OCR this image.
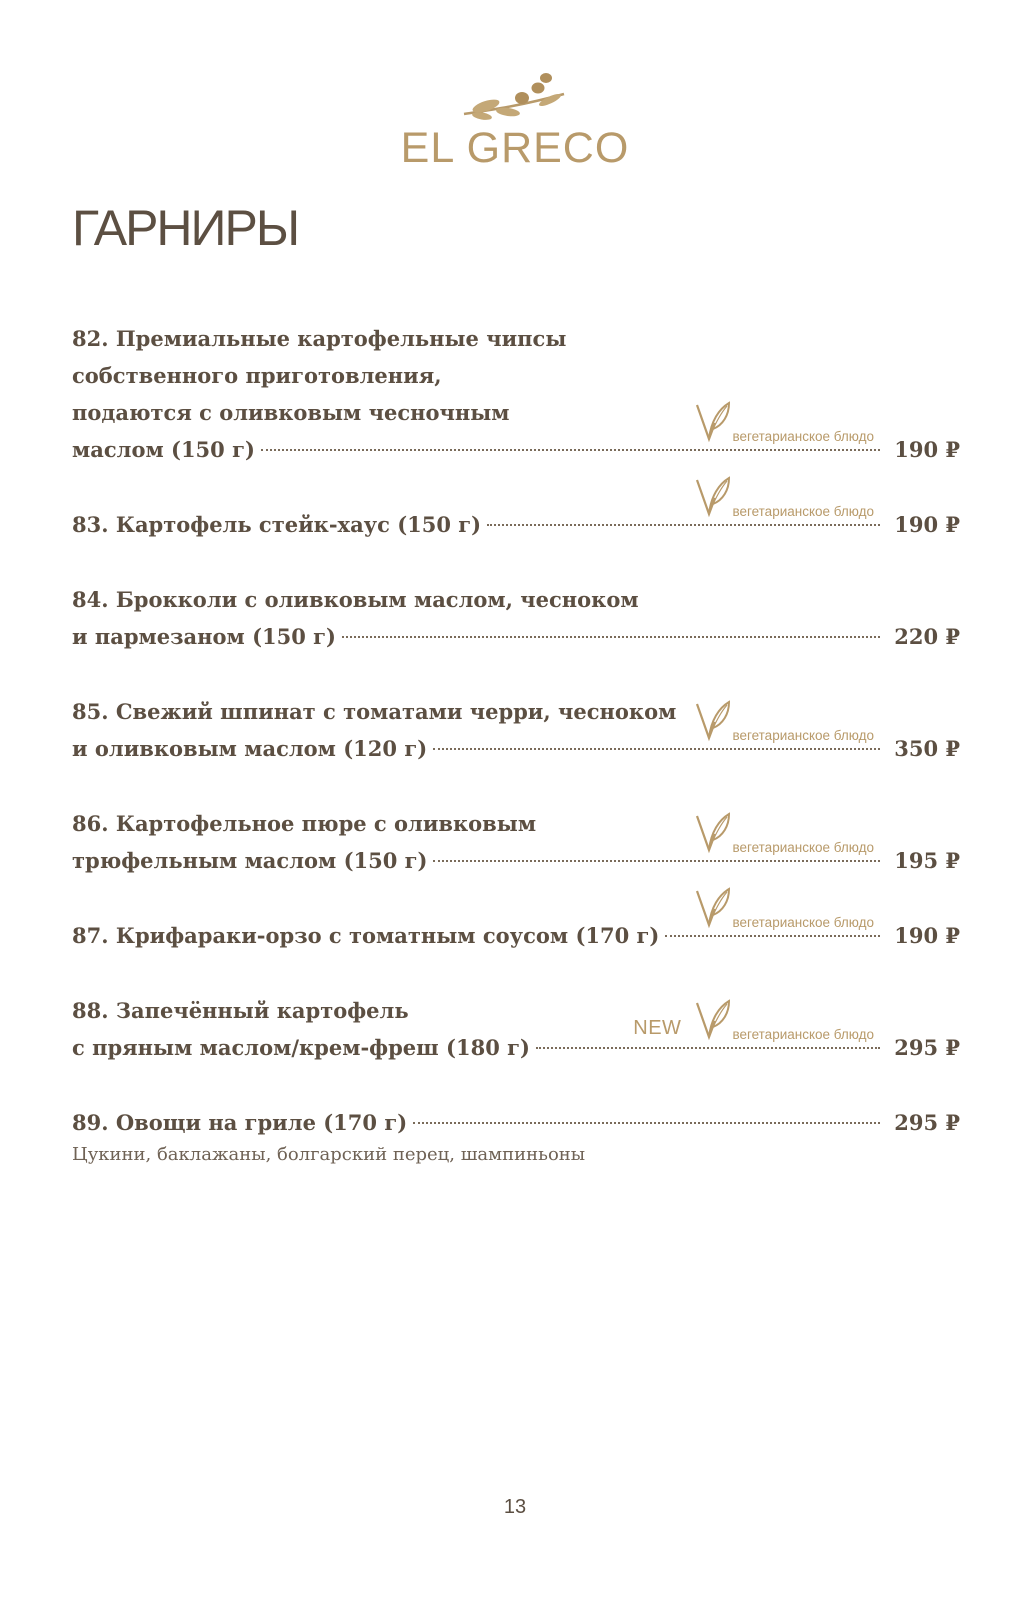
EL GRECO
ГАРНИРЫ
82. Премиальные картофельные чипсы
собственного приготовления,
подаются с оливковым чесночным
маслом (150 г)	190 ₽
вегетарианское блюдо
83. Картофель стейк-хаус (150 г)	190 ₽
вегетарианское блюдо
84. Брокколи с оливковым маслом, чесноком
и пармезаном (150 г)	220 ₽
85. Свежий шпинат с томатами черри, чесноком
и оливковым маслом (120 г)	350 ₽
вегетарианское блюдо
86. Картофельное пюре с оливковым
трюфельным маслом (150 г)	195 ₽
вегетарианское блюдо
87. Крифараки-орзо с томатным соусом (170 г)	190 ₽
вегетарианское блюдо
88. Запечённый картофель
с пряным маслом/крем-фреш (180 г)	295 ₽
NEW	вегетарианское блюдо
89. Овощи на гриле (170 г)	295 ₽
Цукини, баклажаны, болгарский перец, шампиньоны
13
